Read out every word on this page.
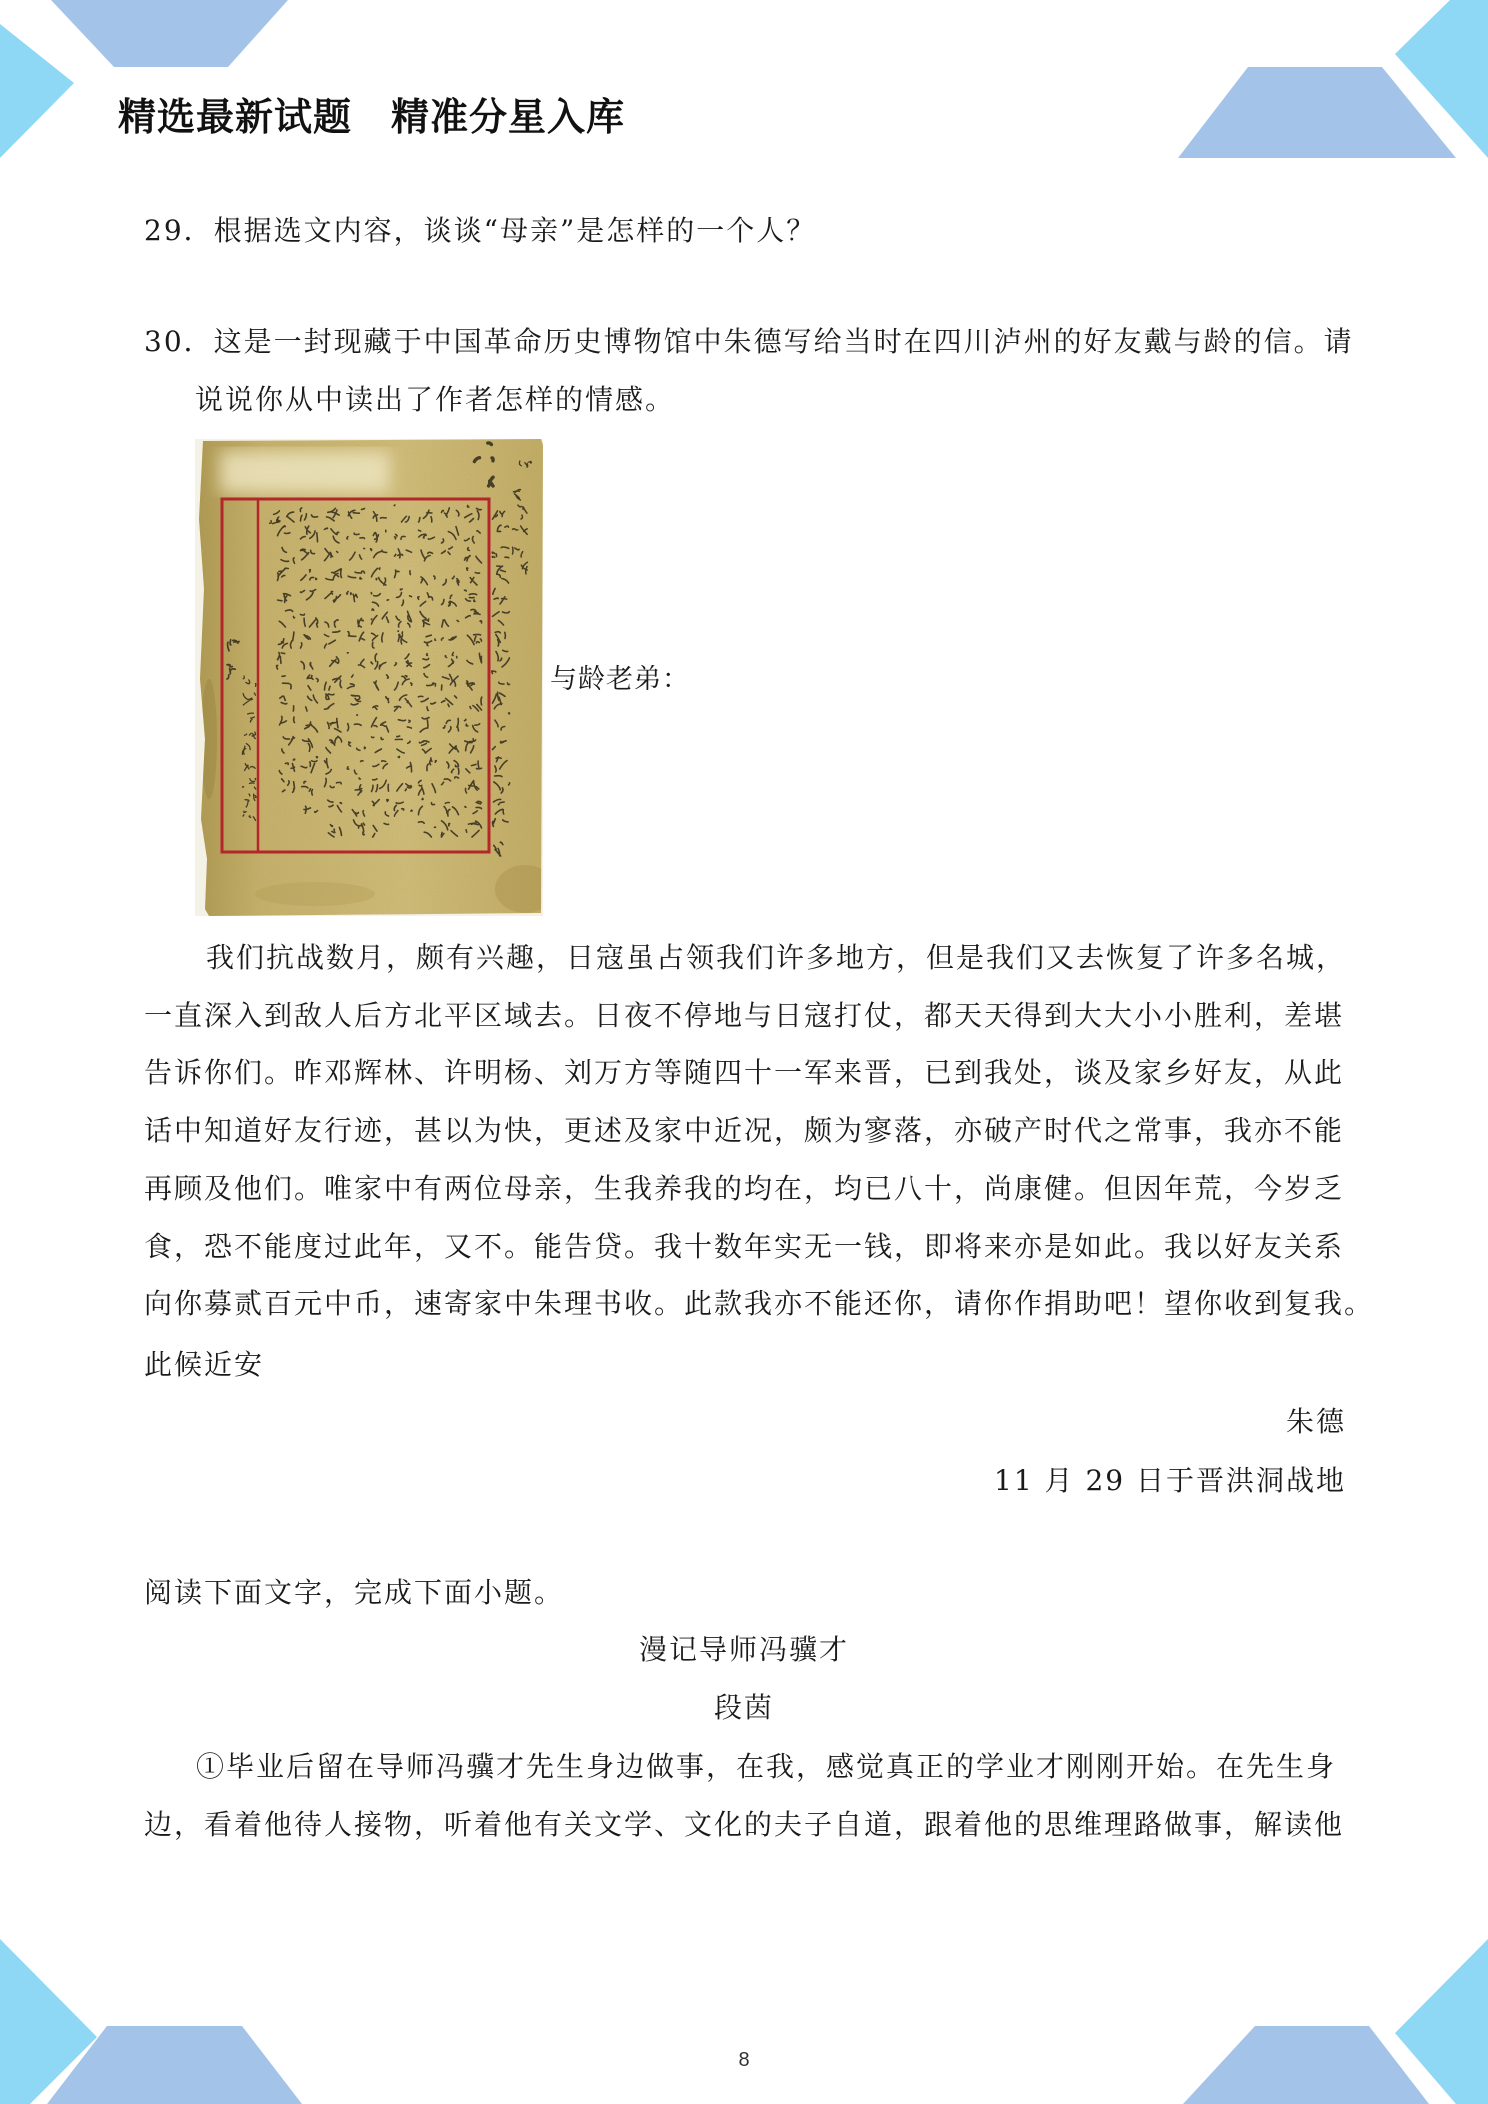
精选最新试题　精准分星入库
29．根据选文内容，谈谈“母亲”是怎样的一个人？
30．这是一封现藏于中国革命历史博物馆中朱德写给当时在四川泸州的好友戴与龄的信。请
说说你从中读出了作者怎样的情感。
与龄老弟：
我们抗战数月，颇有兴趣，日寇虽占领我们许多地方，但是我们又去恢复了许多名城，
一直深入到敌人后方北平区域去。日夜不停地与日寇打仗，都天天得到大大小小胜利，差堪
告诉你们。昨邓辉林、许明杨、刘万方等随四十一军来晋，已到我处，谈及家乡好友，从此
话中知道好友行迹，甚以为快，更述及家中近况，颇为寥落，亦破产时代之常事，我亦不能
再顾及他们。唯家中有两位母亲，生我养我的均在，均已八十，尚康健。但因年荒，今岁乏
食，恐不能度过此年，又不。能告贷。我十数年实无一钱，即将来亦是如此。我以好友关系
向你募贰百元中币，速寄家中朱理书收。此款我亦不能还你，请你作捐助吧！望你收到复我。
此候近安
朱德
11 月 29 日于晋洪洞战地
阅读下面文字，完成下面小题。
漫记导师冯骥才
段茵
①毕业后留在导师冯骥才先生身边做事，在我，感觉真正的学业才刚刚开始。在先生身
边，看着他待人接物，听着他有关文学、文化的夫子自道，跟着他的思维理路做事，解读他
8
